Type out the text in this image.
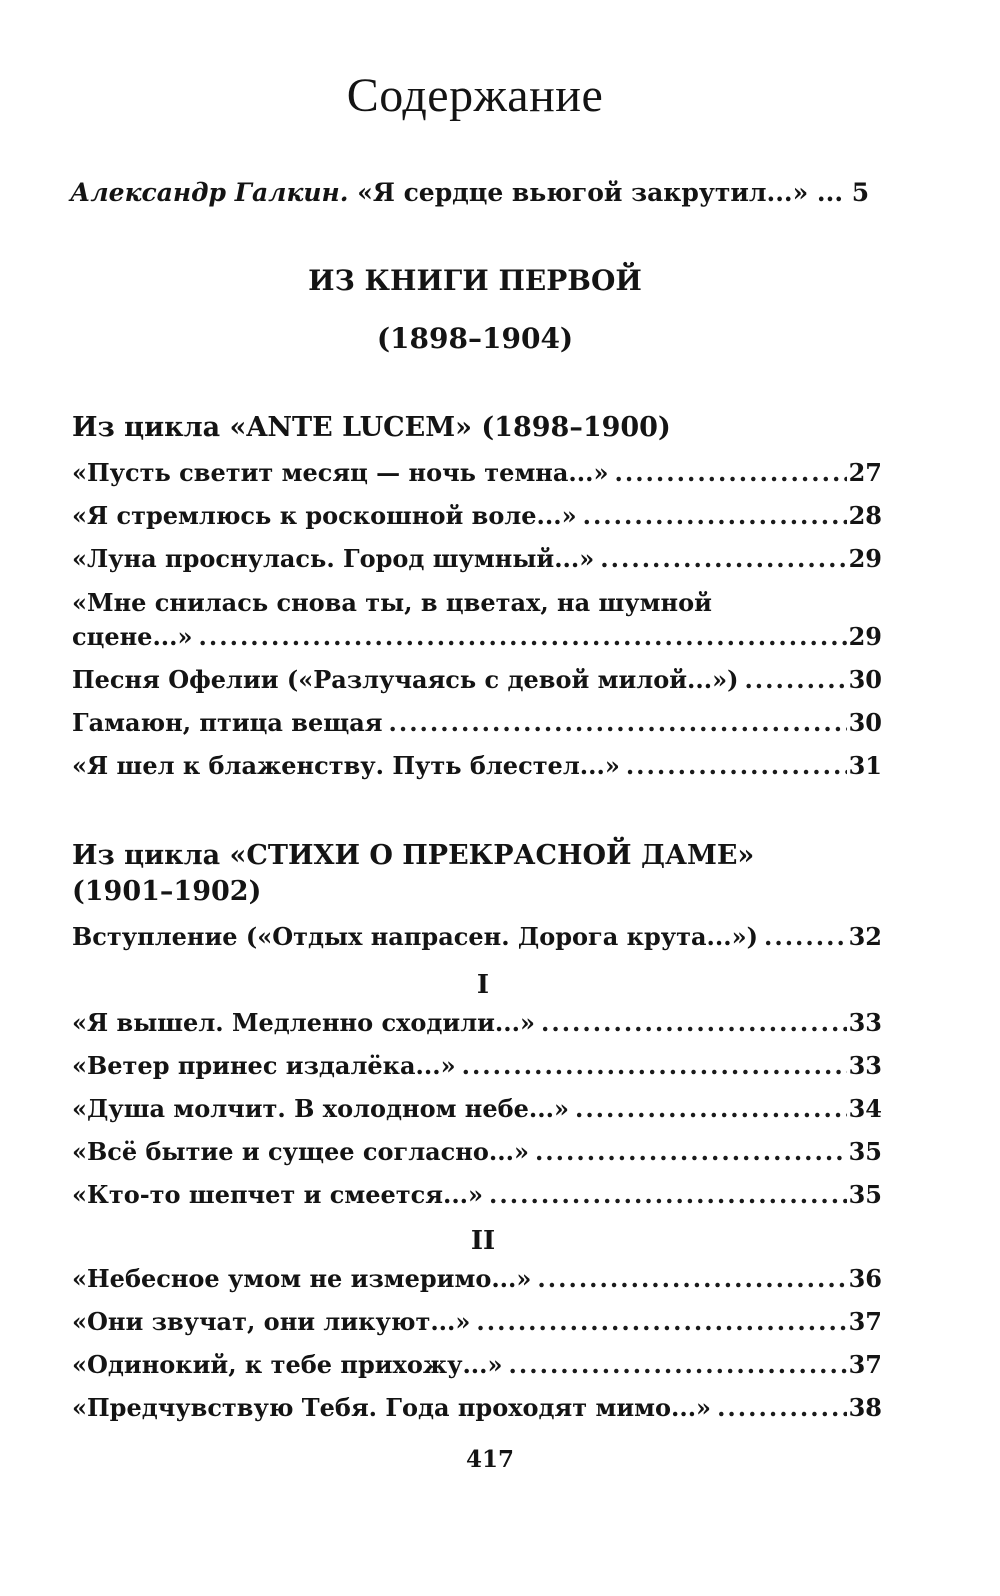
Содержание
Александр Галкин. «Я сердце вьюгой закрутил...» ... 5
ИЗ КНИГИ ПЕРВОЙ
(1898–1904)
Из цикла «ANTE LUCEM» (1898–1900)
«Пусть светит месяц — ночь темна...» .....	27
«Я стремлюсь к роскошной воле...» .....	28
«Луна проснулась. Город шумный...» .....	29
«Мне снилась снова ты, в цветах, на шумной
сцене...» .....	29
Песня Офелии («Разлучаясь с девой милой...») .....	30
Гамаюн, птица вещая .....	30
«Я шел к блаженству. Путь блестел...» .....	31
Из цикла «СТИХИ О ПРЕКРАСНОЙ ДАМЕ»
(1901–1902)
Вступление («Отдых напрасен. Дорога крута...») .....	32
I
«Я вышел. Медленно сходили...» .....	33
«Ветер принес издалёка...» .....	33
«Душа молчит. В холодном небе...» .....	34
«Всё бытие и сущее согласно...» .....	35
«Кто-то шепчет и смеется...» .....	35
II
«Небесное умом не измеримо...» .....	36
«Они звучат, они ликуют...» .....	37
«Одинокий, к тебе прихожу...» .....	37
«Предчувствую Тебя. Года проходят мимо...» .....	38
417
